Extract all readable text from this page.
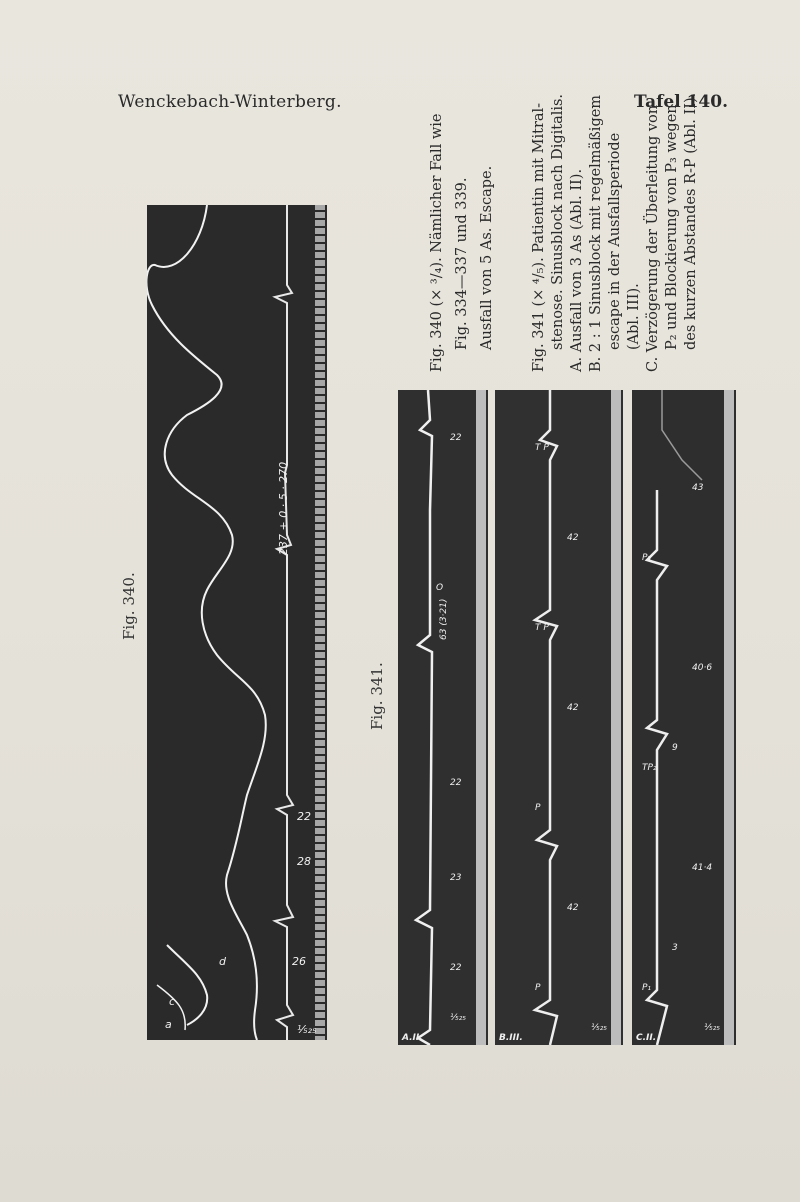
Wenckebach-Winterberg.	Tafel 140.
Fig. 340.
a
c
d	26
28
22
⅕₂₅
237 + 0 · 5 · 270
Fig. 341.
A.II.
22
23
22
63 (3·21)
O
22
⅕₂₅
B.III.
P
42
P
42
T P
42
T P
⅕₂₅
C.II.
P₁
3
41·4
TP₂
9
40·6
P₃
43
⅕₂₅
Fig. 340 (× ³/₄). Nämlicher Fall wie Fig. 334—337 und 339. Ausfall von 5 As. Escape. Fig. 341 (× ⁴/₅). Patientin mit Mitral- stenose. Sinusblock nach Digitalis. A. Ausfall von 3 As (Abl. II). B. 2 : 1 Sinusblock mit regelmäßigem escape in der Ausfallsperiode (Abl. III). C. Verzögerung der Überleitung von P₂ und Blockierung von P₃ wegen des kurzen Abstandes R-P (Abl. II).
